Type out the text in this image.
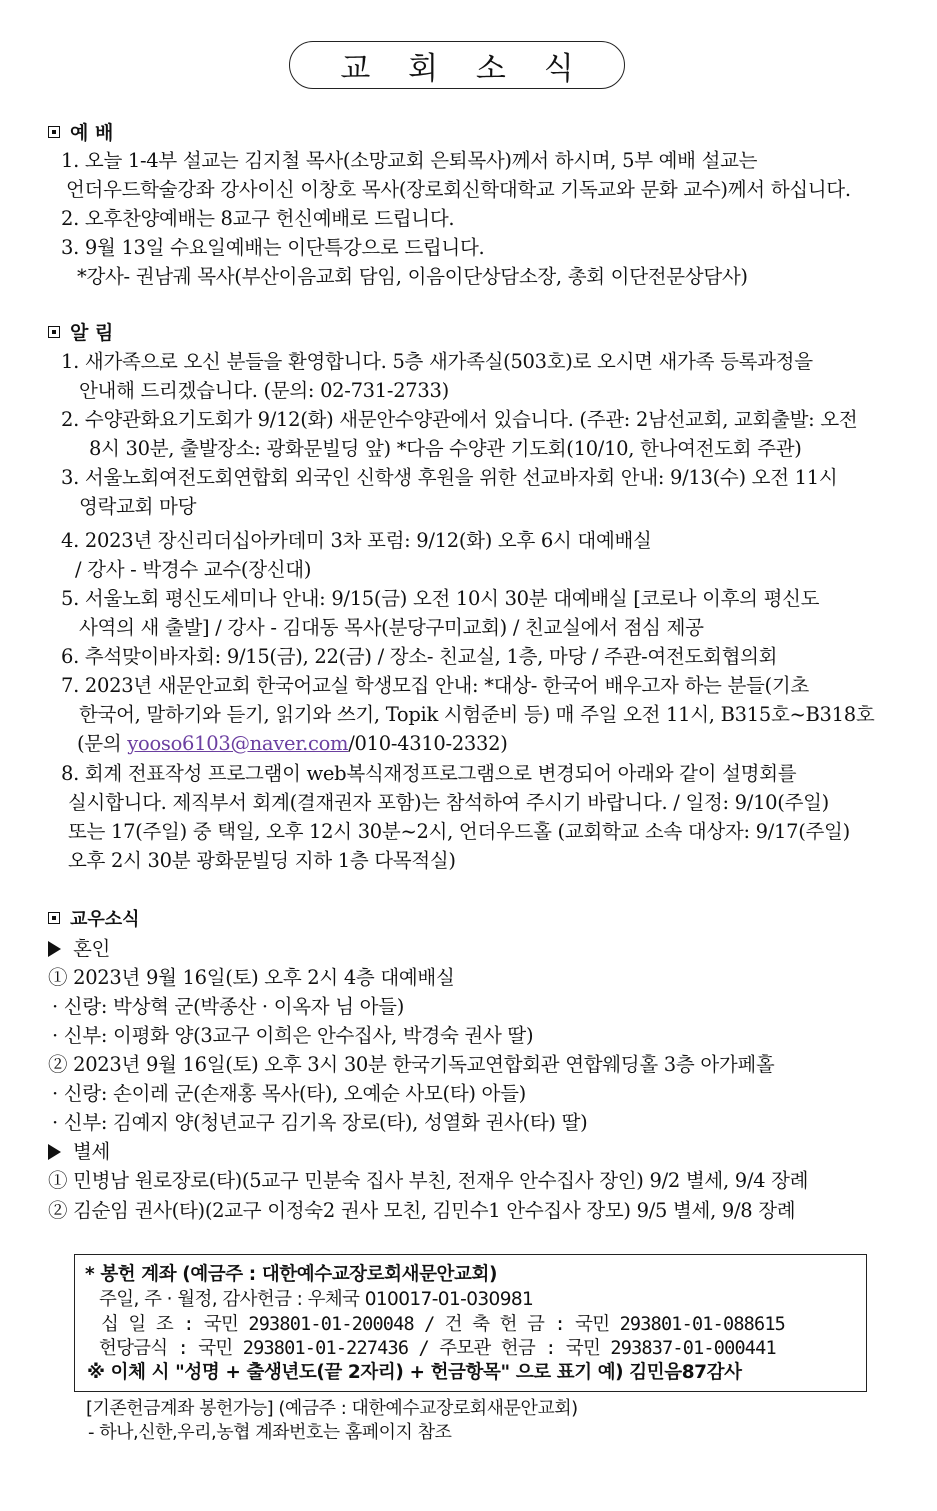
교 회 소 식
예 배
1. 오늘 1-4부 설교는 김지철 목사(소망교회 은퇴목사)께서 하시며, 5부 예배 설교는
언더우드학술강좌 강사이신 이창호 목사(장로회신학대학교 기독교와 문화 교수)께서 하십니다.
2. 오후찬양예배는 8교구 헌신예배로 드립니다.
3. 9월 13일 수요일예배는 이단특강으로 드립니다.
*강사- 권남궤 목사(부산이음교회 담임, 이음이단상담소장, 총회 이단전문상담사)
알 림
1. 새가족으로 오신 분들을 환영합니다. 5층 새가족실(503호)로 오시면 새가족 등록과정을
안내해 드리겠습니다. (문의: 02-731-2733)
2. 수양관화요기도회가 9/12(화) 새문안수양관에서 있습니다. (주관: 2남선교회, 교회출발: 오전
8시 30분, 출발장소: 광화문빌딩 앞) *다음 수양관 기도회(10/10, 한나여전도회 주관)
3. 서울노회여전도회연합회 외국인 신학생 후원을 위한 선교바자회 안내: 9/13(수) 오전 11시
영락교회 마당
4. 2023년 장신리더십아카데미 3차 포럼: 9/12(화) 오후 6시 대예배실
/ 강사 - 박경수 교수(장신대)
5. 서울노회 평신도세미나 안내: 9/15(금) 오전 10시 30분 대예배실 [코로나 이후의 평신도
사역의 새 출발] / 강사 - 김대동 목사(분당구미교회) / 친교실에서 점심 제공
6. 추석맞이바자회: 9/15(금), 22(금) / 장소- 친교실, 1층, 마당 / 주관-여전도회협의회
7. 2023년 새문안교회 한국어교실 학생모집 안내: *대상- 한국어 배우고자 하는 분들(기초
한국어, 말하기와 듣기, 읽기와 쓰기, Topik 시험준비 등) 매 주일 오전 11시, B315호~B318호
(문의 yooso6103@naver.com/010-4310-2332)
8. 회계 전표작성 프로그램이 web복식재정프로그램으로 변경되어 아래와 같이 설명회를
실시합니다. 제직부서 회계(결재권자 포함)는 참석하여 주시기 바랍니다. / 일정: 9/10(주일)
또는 17(주일) 중 택일, 오후 12시 30분~2시, 언더우드홀 (교회학교 소속 대상자: 9/17(주일)
오후 2시 30분 광화문빌딩 지하 1층 다목적실)
교우소식
혼인
① 2023년 9월 16일(토) 오후 2시 4층 대예배실
· 신랑: 박상혁 군(박종산 · 이옥자 님 아들)
· 신부: 이평화 양(3교구 이희은 안수집사, 박경숙 권사 딸)
② 2023년 9월 16일(토) 오후 3시 30분 한국기독교연합회관 연합웨딩홀 3층 아가페홀
· 신랑: 손이레 군(손재홍 목사(타), 오예순 사모(타) 아들)
· 신부: 김예지 양(청년교구 김기옥 장로(타), 성열화 권사(타) 딸)
별세
① 민병남 원로장로(타)(5교구 민분숙 집사 부친, 전재우 안수집사 장인) 9/2 별세, 9/4 장례
② 김순임 권사(타)(2교구 이정숙2 권사 모친, 김민수1 안수집사 장모) 9/5 별세, 9/8 장례
* 봉헌 계좌 (예금주 : 대한예수교장로회새문안교회)
주일, 주 · 월정, 감사헌금 : 우체국 010017-01-030981
십 일 조 : 국민 293801-01-200048 / 건 축 헌 금 : 국민 293801-01-088615
헌당금식 : 국민 293801-01-227436 / 주모관 헌금 : 국민 293837-01-000441
※ 이체 시 "성명 + 출생년도(끝 2자리) + 헌금항목" 으로 표기 예) 김민음87감사
[기존헌금계좌 봉헌가능] (예금주 : 대한예수교장로회새문안교회)
- 하나,신한,우리,농협 계좌번호는 홈페이지 참조
